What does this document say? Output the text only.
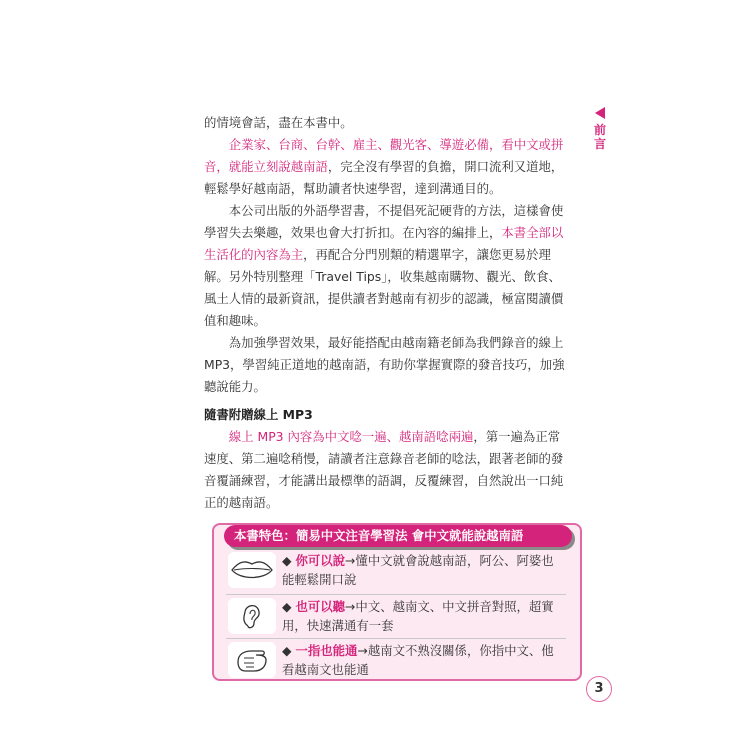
前言

的情境會話，盡在本書中。

企業家、台商、台幹、雇主、觀光客、導遊必備，看中文或拼音，就能立刻說越南語，完全沒有學習的負擔，開口流利又道地，輕鬆學好越南語，幫助讀者快速學習，達到溝通目的。

本公司出版的外語學習書，不提倡死記硬背的方法，這樣會使學習失去樂趣，效果也會大打折扣。在內容的編排上，本書全部以生活化的內容為主，再配合分門別類的精選單字，讓您更易於理解。另外特別整理「Travel Tips」，收集越南購物、觀光、飲食、風土人情的最新資訊，提供讀者對越南有初步的認識，極富閱讀價值和趣味。

為加強學習效果，最好能搭配由越南籍老師為我們錄音的線上 MP3，學習純正道地的越南語，有助你掌握實際的發音技巧，加強聽說能力。

隨書附贈線上 MP3

線上 MP3 內容為中文唸一遍、越南語唸兩遍，第一遍為正常速度、第二遍唸稍慢，請讀者注意錄音老師的唸法，跟著老師的發音覆誦練習，才能講出最標準的語調，反覆練習，自然說出一口純正的越南語。

本書特色：簡易中文注音學習法 會中文就能說越南語
◆ 你可以說→懂中文就會說越南語，阿公、阿婆也能輕鬆開口說
◆ 也可以聽→中文、越南文、中文拼音對照，超實用，快速溝通有一套
◆ 一指也能通→越南文不熟沒關係，你指中文、他看越南文也能通
3
